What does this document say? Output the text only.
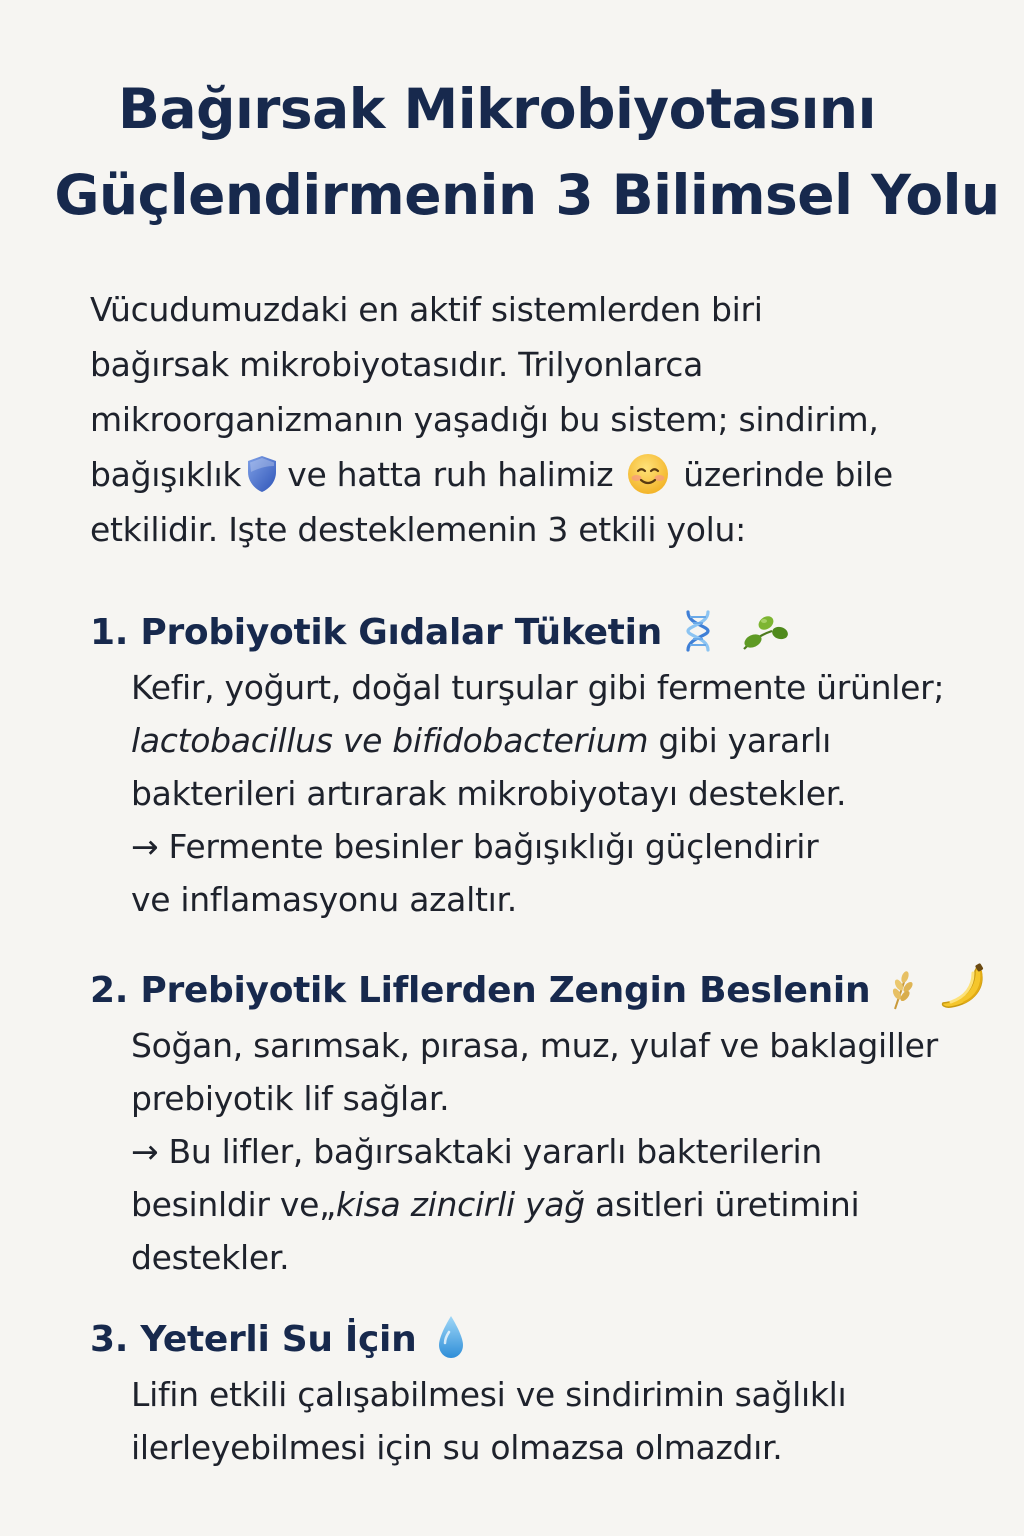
Bağırsak Mikrobiyotasını
Güçlendirmenin 3 Bilimsel Yolu

Vücudumuzdaki en aktif sistemlerden biri
bağırsak mikrobiyotasıdır. Trilyonlarca
mikroorganizmanın yaşadığı bu sistem; sindirim,
bağışıklık ve hatta ruh halimiz üzerinde bile
etkilidir. Işte desteklemenin 3 etkili yolu:

1. Probiyotik Gıdalar Tüketin

Kefir, yoğurt, doğal turşular gibi fermente ürünler;
lactobacillus ve bifidobacterium gibi yararlı
bakterileri artırarak mikrobiyotayı destekler.
→ Fermente besinler bağışıklığı güçlendirir
ve inflamasyonu azaltır.

2. Prebiyotik Liflerden Zengin Beslenin

Soğan, sarımsak, pırasa, muz, yulaf ve baklagiller
prebiyotik lif sağlar.
→ Bu lifler, bağırsaktaki yararlı bakterilerin
besinldir ve„kisa zincirli yağ asitleri üretimini
destekler.

3. Yeterli Su İçin

Lifin etkili çalışabilmesi ve sindirimin sağlıklı
ilerleyebilmesi için su olmazsa olmazdır.
